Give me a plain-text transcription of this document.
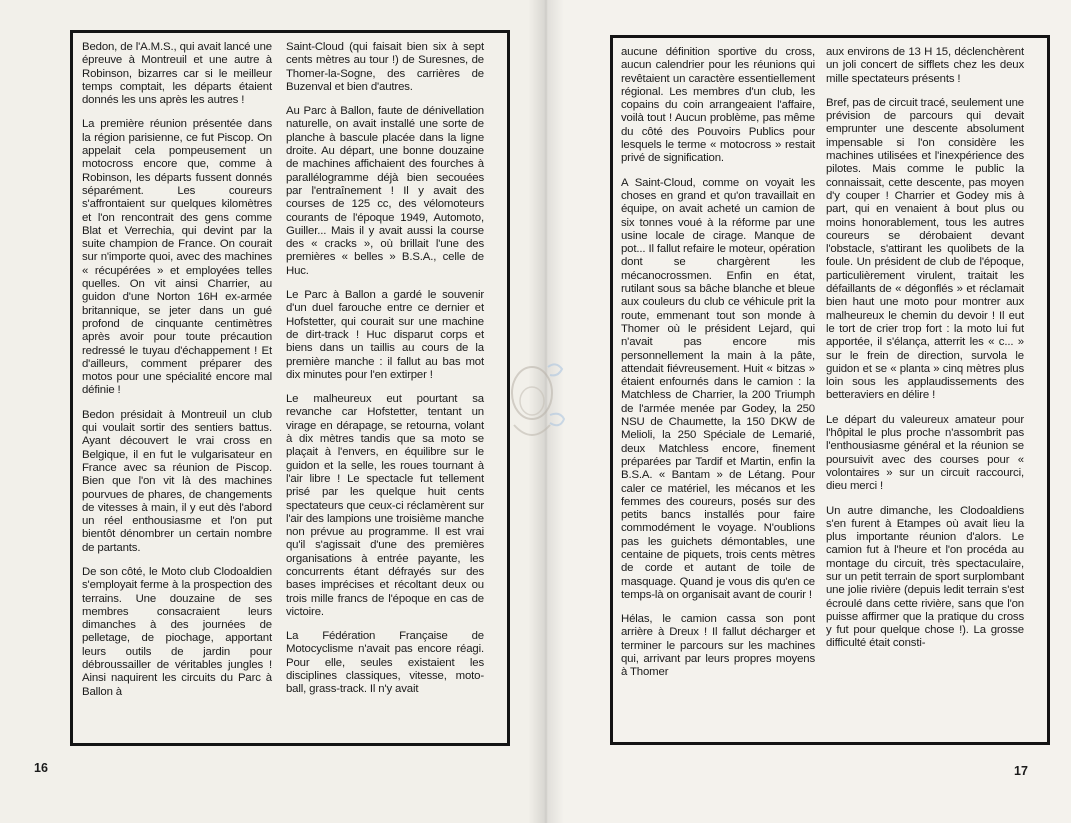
Bedon, de l'A.M.S., qui avait lancé une épreuve à Montreuil et une autre à Robinson, bizarres car si le meilleur temps comptait, les départs étaient donnés les uns après les autres !

La première réunion présentée dans la région parisienne, ce fut Piscop. On appelait cela pompeusement un motocross encore que, comme à Robinson, les départs fussent donnés séparément. Les coureurs s'affrontaient sur quelques kilomètres et l'on rencontrait des gens comme Blat et Verrechia, qui devint par la suite champion de France. On courait sur n'importe quoi, avec des machines « récupérées » et employées telles quelles. On vit ainsi Charrier, au guidon d'une Norton 16H ex-armée britannique, se jeter dans un gué profond de cinquante centimètres après avoir pour toute précaution redressé le tuyau d'échappement ! Et d'ailleurs, comment préparer des motos pour une spécialité encore mal définie !

Bedon présidait à Montreuil un club qui voulait sortir des sentiers battus. Ayant découvert le vrai cross en Belgique, il en fut le vulgarisateur en France avec sa réunion de Piscop. Bien que l'on vit là des machines pourvues de phares, de changements de vitesses à main, il y eut dès l'abord un réel enthousiasme et l'on put bientôt dénombrer un certain nombre de partants.

De son côté, le Moto club Clodoaldien s'employait ferme à la prospection des terrains. Une douzaine de ses membres consacraient leurs dimanches à des journées de pelletage, de piochage, apportant leurs outils de jardin pour débroussailler de véritables jungles ! Ainsi naquirent les circuits du Parc à Ballon à

Saint-Cloud (qui faisait bien six à sept cents mètres au tour !) de Suresnes, de Thomer-la-Sogne, des carrières de Buzenval et bien d'autres.

Au Parc à Ballon, faute de dénivellation naturelle, on avait installé une sorte de planche à bascule placée dans la ligne droite. Au départ, une bonne douzaine de machines affichaient des fourches à parallélogramme déjà bien secouées par l'entraînement ! Il y avait des courses de 125 cc, des vélomoteurs courants de l'époque 1949, Automoto, Guiller... Mais il y avait aussi la course des « cracks », où brillait l'une des premières « belles » B.S.A., celle de Huc.

Le Parc à Ballon a gardé le souvenir d'un duel farouche entre ce dernier et Hofstetter, qui courait sur une machine de dirt-track ! Huc disparut corps et biens dans un taillis au cours de la première manche : il fallut au bas mot dix minutes pour l'en extirper !

Le malheureux eut pourtant sa revanche car Hofstetter, tentant un virage en dérapage, se retourna, volant à dix mètres tandis que sa moto se plaçait à l'envers, en équilibre sur le guidon et la selle, les roues tournant à l'air libre ! Le spectacle fut tellement prisé par les quelque huit cents spectateurs que ceux-ci réclamèrent sur l'air des lampions une troisième manche non prévue au programme. Il est vrai qu'il s'agissait d'une des premières organisations à entrée payante, les concurrents étant défrayés sur des bases imprécises et récoltant deux ou trois mille francs de l'époque en cas de victoire.

La Fédération Française de Motocyclisme n'avait pas encore réagi. Pour elle, seules existaient les disciplines classiques, vitesse, moto-ball, grass-track. Il n'y avait

aucune définition sportive du cross, aucun calendrier pour les réunions qui revêtaient un caractère essentiellement régional. Les membres d'un club, les copains du coin arrangeaient l'affaire, voilà tout ! Aucun problème, pas même du côté des Pouvoirs Publics pour lesquels le terme « motocross » restait privé de signification.

A Saint-Cloud, comme on voyait les choses en grand et qu'on travaillait en équipe, on avait acheté un camion de six tonnes voué à la réforme par une usine locale de cirage. Manque de pot... Il fallut refaire le moteur, opération dont se chargèrent les mécanocrossmen. Enfin en état, rutilant sous sa bâche blanche et bleue aux couleurs du club ce véhicule prit la route, emmenant tout son monde à Thomer où le président Lejard, qui n'avait pas encore mis personnellement la main à la pâte, attendait fiévreusement. Huit « bitzas » étaient enfournés dans le camion : la Matchless de Charrier, la 200 Triumph de l'armée menée par Godey, la 250 NSU de Chaumette, la 150 DKW de Melioli, la 250 Spéciale de Lemarié, deux Matchless encore, finement préparées par Tardif et Martin, enfin la B.S.A. « Bantam » de Létang. Pour caler ce matériel, les mécanos et les femmes des coureurs, posés sur des petits bancs installés pour faire commodément le voyage. N'oublions pas les guichets démontables, une centaine de piquets, trois cents mètres de corde et autant de toile de masquage. Quand je vous dis qu'en ce temps-là on organisait avant de courir !

Hélas, le camion cassa son pont arrière à Dreux ! Il fallut décharger et terminer le parcours sur les machines qui, arrivant par leurs propres moyens à Thomer

aux environs de 13 H 15, déclenchèrent un joli concert de sifflets chez les deux mille spectateurs présents !

Bref, pas de circuit tracé, seulement une prévision de parcours qui devait emprunter une descente absolument impensable si l'on considère les machines utilisées et l'inexpérience des pilotes. Mais comme le public la connaissait, cette descente, pas moyen d'y couper ! Charrier et Godey mis à part, qui en venaient à bout plus ou moins honorablement, tous les autres coureurs se dérobaient devant l'obstacle, s'attirant les quolibets de la foule. Un président de club de l'époque, particulièrement virulent, traitait les défaillants de « dégonflés » et réclamait bien haut une moto pour montrer aux malheureux le chemin du devoir ! Il eut le tort de crier trop fort : la moto lui fut apportée, il s'élança, atterrit les « c... » sur le frein de direction, survola le guidon et se « planta » cinq mètres plus loin sous les applaudissements des betteraviers en délire !

Le départ du valeureux amateur pour l'hôpital le plus proche n'assombrit pas l'enthousiasme général et la réunion se poursuivit avec des courses pour « volontaires » sur un circuit raccourci, dieu merci !

Un autre dimanche, les Clodoaldiens s'en furent à Etampes où avait lieu la plus importante réunion d'alors. Le camion fut à l'heure et l'on procéda au montage du circuit, très spectaculaire, sur un petit terrain de sport surplombant une jolie rivière (depuis ledit terrain s'est écroulé dans cette rivière, sans que l'on puisse affirmer que la pratique du cross y fut pour quelque chose !). La grosse difficulté était consti-

16	17
